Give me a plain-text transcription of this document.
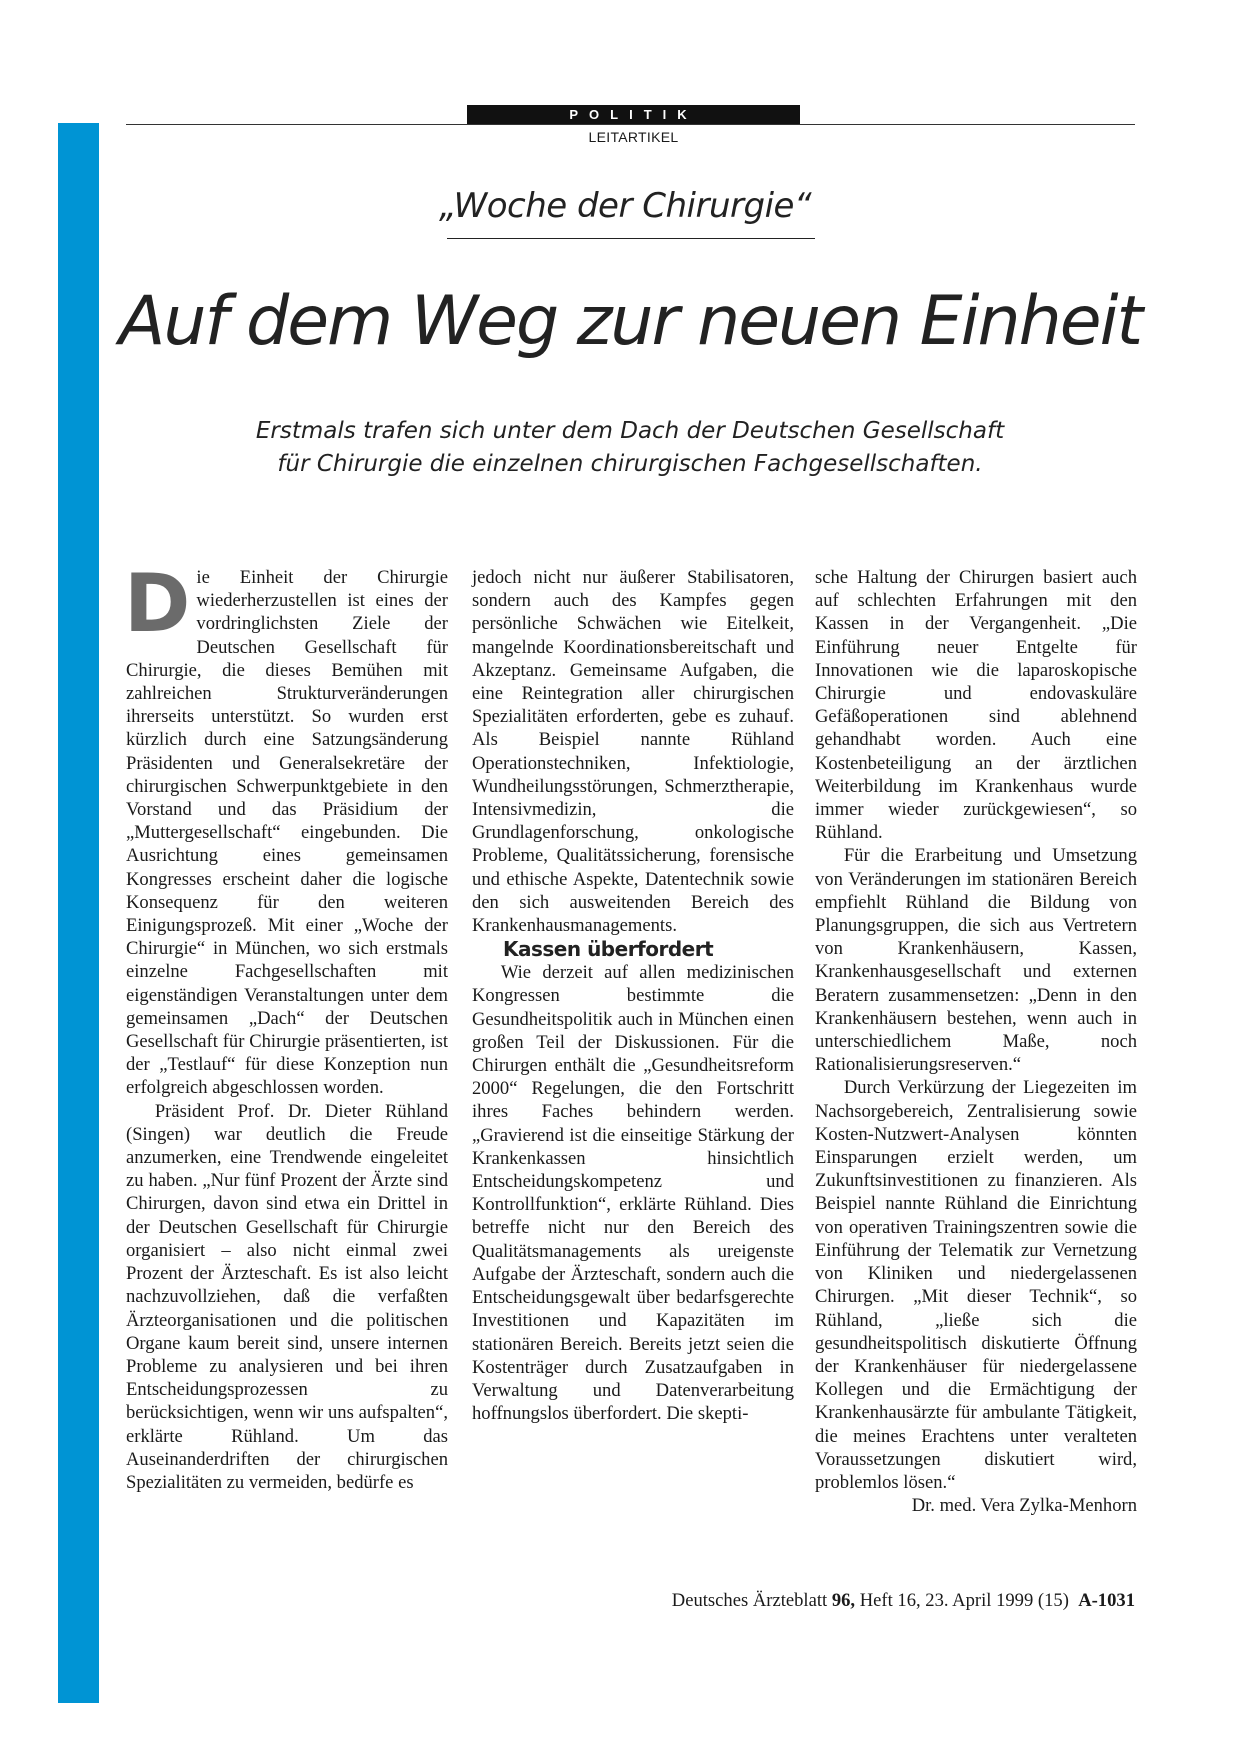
POLITIK
LEITARTIKEL
„Woche der Chirurgie“
Auf dem Weg zur neuen Einheit
Erstmals trafen sich unter dem Dach der Deutschen Gesellschaft
für Chirurgie die einzelnen chirurgischen Fachgesellschaften.

Die Einheit der Chirurgie wiederherzustellen ist eines der vordringlichsten Ziele der Deutschen Gesellschaft für Chirurgie, die dieses Bemühen mit zahlreichen Strukturveränderungen ihrerseits unterstützt. So wurden erst kürzlich durch eine Satzungsänderung Präsidenten und Generalsekretäre der chirurgischen Schwerpunktgebiete in den Vorstand und das Präsidium der „Muttergesellschaft“ eingebunden. Die Ausrichtung eines gemeinsamen Kongresses erscheint daher die logische Konsequenz für den weiteren Einigungsprozeß. Mit einer „Woche der Chirurgie“ in München, wo sich erstmals einzelne Fachgesellschaften mit eigenständigen Veranstaltungen unter dem gemeinsamen „Dach“ der Deutschen Gesellschaft für Chirurgie präsentierten, ist der „Testlauf“ für diese Konzeption nun erfolgreich abgeschlossen worden.

Präsident Prof. Dr. Dieter Rühland (Singen) war deutlich die Freude anzumerken, eine Trendwende eingeleitet zu haben. „Nur fünf Prozent der Ärzte sind Chirurgen, davon sind etwa ein Drittel in der Deutschen Gesellschaft für Chirurgie organisiert – also nicht einmal zwei Prozent der Ärzteschaft. Es ist also leicht nachzuvollziehen, daß die verfaßten Ärzteorganisationen und die politischen Organe kaum bereit sind, unsere internen Probleme zu analysieren und bei ihren Entscheidungsprozessen zu berücksichtigen, wenn wir uns aufspalten“, erklärte Rühland. Um das Auseinanderdriften der chirurgischen Spezialitäten zu vermeiden, bedürfe es

jedoch nicht nur äußerer Stabilisatoren, sondern auch des Kampfes gegen persönliche Schwächen wie Eitelkeit, mangelnde Koordinationsbereitschaft und Akzeptanz. Gemeinsame Aufgaben, die eine Reintegration aller chirurgischen Spezialitäten erforderten, gebe es zuhauf. Als Beispiel nannte Rühland Operationstechniken, Infektiologie, Wundheilungsstörungen, Schmerztherapie, Intensivmedizin, die Grundlagenforschung, onkologische Probleme, Qualitätssicherung, forensische und ethische Aspekte, Datentechnik sowie den sich ausweitenden Bereich des Krankenhausmanagements.

Kassen überfordert

Wie derzeit auf allen medizinischen Kongressen bestimmte die Gesundheitspolitik auch in München einen großen Teil der Diskussionen. Für die Chirurgen enthält die „Gesundheitsreform 2000“ Regelungen, die den Fortschritt ihres Faches behindern werden. „Gravierend ist die einseitige Stärkung der Krankenkassen hinsichtlich Entscheidungskompetenz und Kontrollfunktion“, erklärte Rühland. Dies betreffe nicht nur den Bereich des Qualitätsmanagements als ureigenste Aufgabe der Ärzteschaft, sondern auch die Entscheidungsgewalt über bedarfsgerechte Investitionen und Kapazitäten im stationären Bereich. Bereits jetzt seien die Kostenträger durch Zusatzaufgaben in Verwaltung und Datenverarbeitung hoffnungslos überfordert. Die skepti-

sche Haltung der Chirurgen basiert auch auf schlechten Erfahrungen mit den Kassen in der Vergangenheit. „Die Einführung neuer Entgelte für Innovationen wie die laparoskopische Chirurgie und endovaskuläre Gefäßoperationen sind ablehnend gehandhabt worden. Auch eine Kostenbeteiligung an der ärztlichen Weiterbildung im Krankenhaus wurde immer wieder zurückgewiesen“, so Rühland.

Für die Erarbeitung und Umsetzung von Veränderungen im stationären Bereich empfiehlt Rühland die Bildung von Planungsgruppen, die sich aus Vertretern von Krankenhäusern, Kassen, Krankenhausgesellschaft und externen Beratern zusammensetzen: „Denn in den Krankenhäusern bestehen, wenn auch in unterschiedlichem Maße, noch Rationalisierungsreserven.“

Durch Verkürzung der Liegezeiten im Nachsorgebereich, Zentralisierung sowie Kosten-Nutzwert-Analysen könnten Einsparungen erzielt werden, um Zukunftsinvestitionen zu finanzieren. Als Beispiel nannte Rühland die Einrichtung von operativen Trainingszentren sowie die Einführung der Telematik zur Vernetzung von Kliniken und niedergelassenen Chirurgen. „Mit dieser Technik“, so Rühland, „ließe sich die gesundheitspolitisch diskutierte Öffnung der Krankenhäuser für niedergelassene Kollegen und die Ermächtigung der Krankenhausärzte für ambulante Tätigkeit, die meines Erachtens unter veralteten Voraussetzungen diskutiert wird, problemlos lösen.“

Dr. med. Vera Zylka-Menhorn

Deutsches Ärzteblatt 96, Heft 16, 23. April 1999 (15) A-1031
